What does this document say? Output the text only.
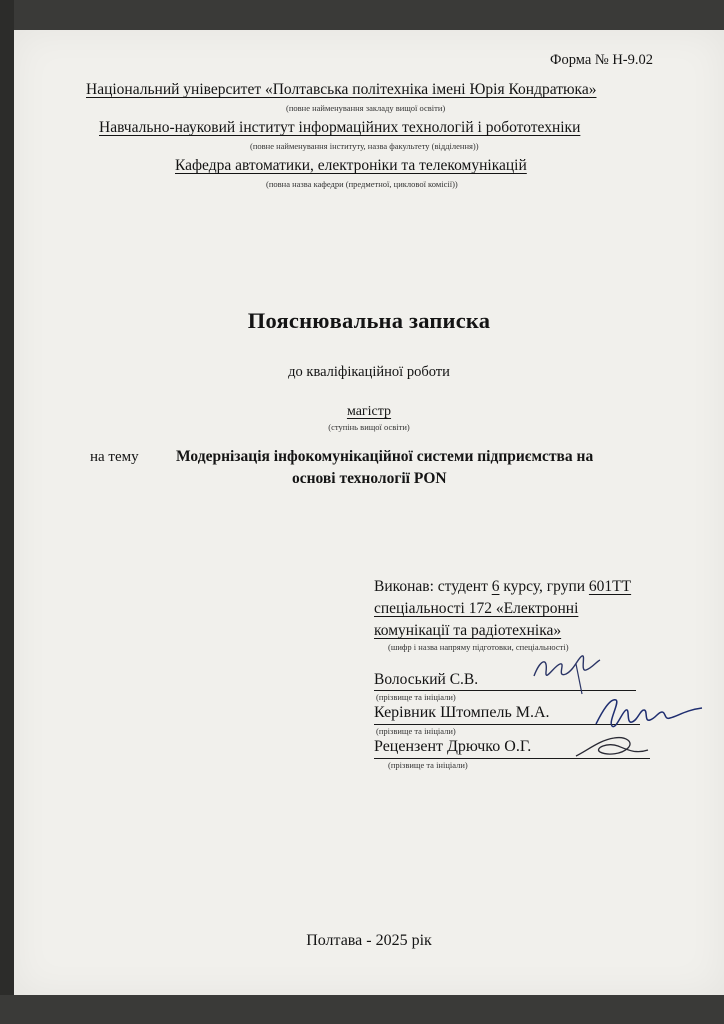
Форма № Н-9.02
Національний університет «Полтавська політехніка імені Юрія Кондратюка»
(повне найменування закладу вищої освіти)
Навчально-науковий інститут інформаційних технологій і робототехніки
(повне найменування інституту, назва факультету (відділення))
Кафедра автоматики, електроніки та телекомунікацій
(повна назва кафедри (предметної, циклової комісії))
Пояснювальна записка
до кваліфікаційної роботи
магістр
(ступінь вищої освіти)
на тему Модернізація інфокомунікаційної системи підприємства на
основі технології PON
Виконав: студент 6 курсу, групи 601ТТ
спеціальності 172 «Електронні
комунікації та радіотехніка»
(шифр і назва напряму підготовки, спеціальності)
Волоський С.В.
(прізвище та ініціали)
Керівник Штомпель М.А.
(прізвище та ініціали)
Рецензент Дрючко О.Г.
(прізвище та ініціали)
Полтава - 2025 рік
